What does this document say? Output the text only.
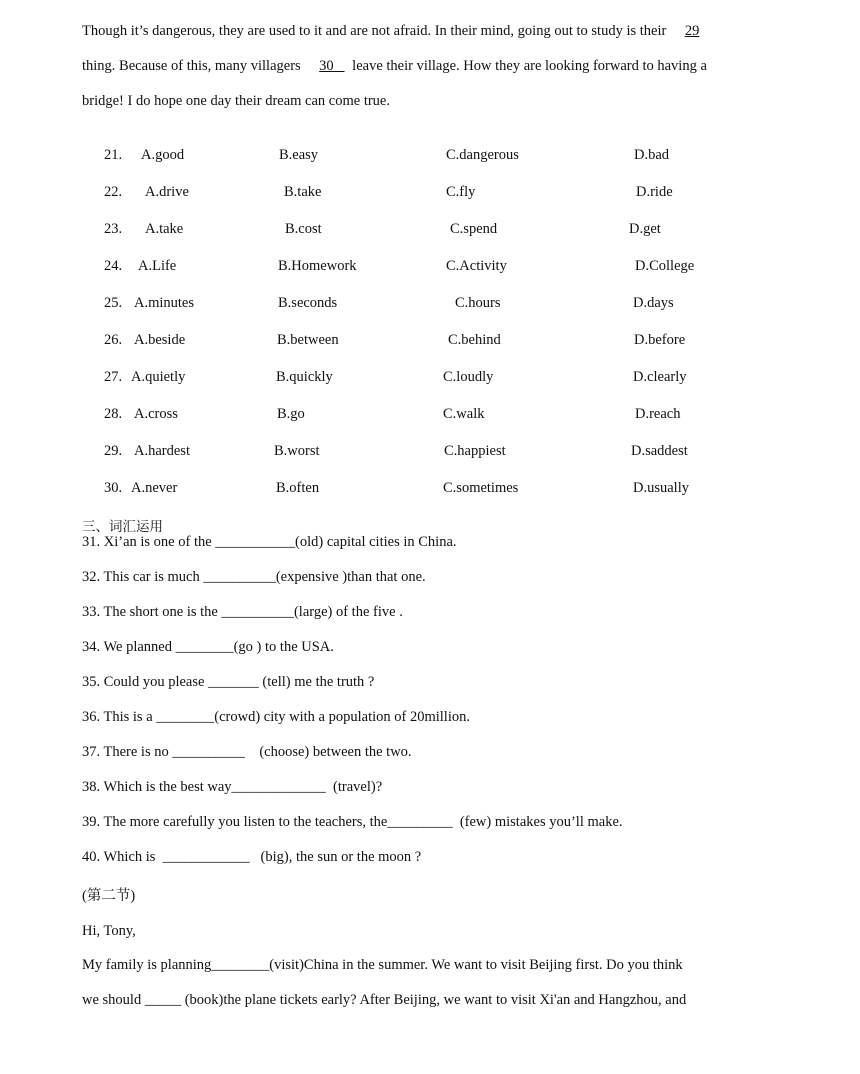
Though it’s dangerous, they are used to it and are not afraid. In their mind, going out to study is their 29

thing. Because of this, many villagers 30 leave their village. How they are looking forward to having a

bridge! I do hope one day their dream can come true.

21. A.good	B.easy	C.dangerous	D.bad
22. A.drive	B.take	C.fly	D.ride
23. A.take	B.cost	C.spend	D.get
24. A.Life	B.Homework	C.Activity	D.College
25. A.minutes	B.seconds	C.hours	D.days
26. A.beside	B.between	C.behind	D.before
27. A.quietly	B.quickly	C.loudly	D.clearly
28. A.cross	B.go	C.walk	D.reach
29. A.hardest	B.worst	C.happiest	D.saddest
30. A.never	B.often	C.sometimes	D.usually
三、词汇运用
31. Xi’an is one of the ___________(old) capital cities in China.
32. This car is much __________(expensive )than that one.
33. The short one is the __________(large) of the five .
34. We planned ________(go ) to the USA.
35. Could you please _______ (tell) me the truth ?
36. This is a ________(crowd) city with a population of 20million.
37. There is no __________    (choose) between the two.
38. Which is the best way_____________  (travel)?
39. The more carefully you listen to the teachers, the_________  (few) mistakes you’ll make.
40. Which is  ____________   (big), the sun or the moon ?
(第二节)
Hi, Tony,

My family is planning________(visit)China in the summer. We want to visit Beijing first. Do you think

we should _____ (book)the plane tickets early? After Beijing, we want to visit Xi'an and Hangzhou, and
